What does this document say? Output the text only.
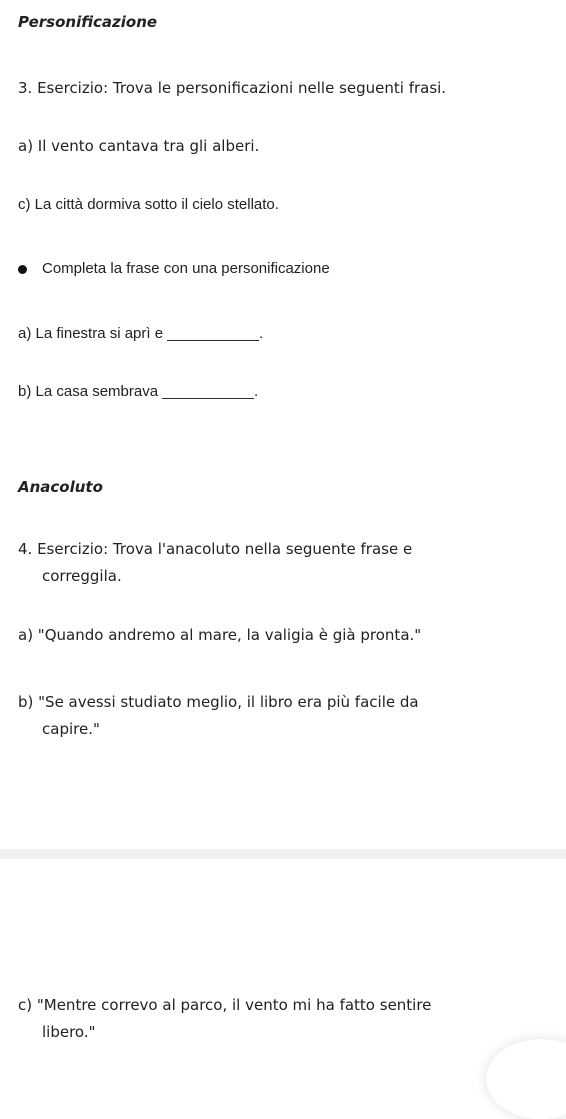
Personificazione
3. Esercizio: Trova le personificazioni nelle seguenti frasi.
a) Il vento cantava tra gli alberi.
c) La città dormiva sotto il cielo stellato.
Completa la frase con una personificazione
a) La finestra si aprì e ___________.
b) La casa sembrava ___________.
Anacoluto
4. Esercizio: Trova l'anacoluto nella seguente frase e
correggila.
a) "Quando andremo al mare, la valigia è già pronta."
b) "Se avessi studiato meglio, il libro era più facile da
capire."
c) "Mentre correvo al parco, il vento mi ha fatto sentire
libero."
